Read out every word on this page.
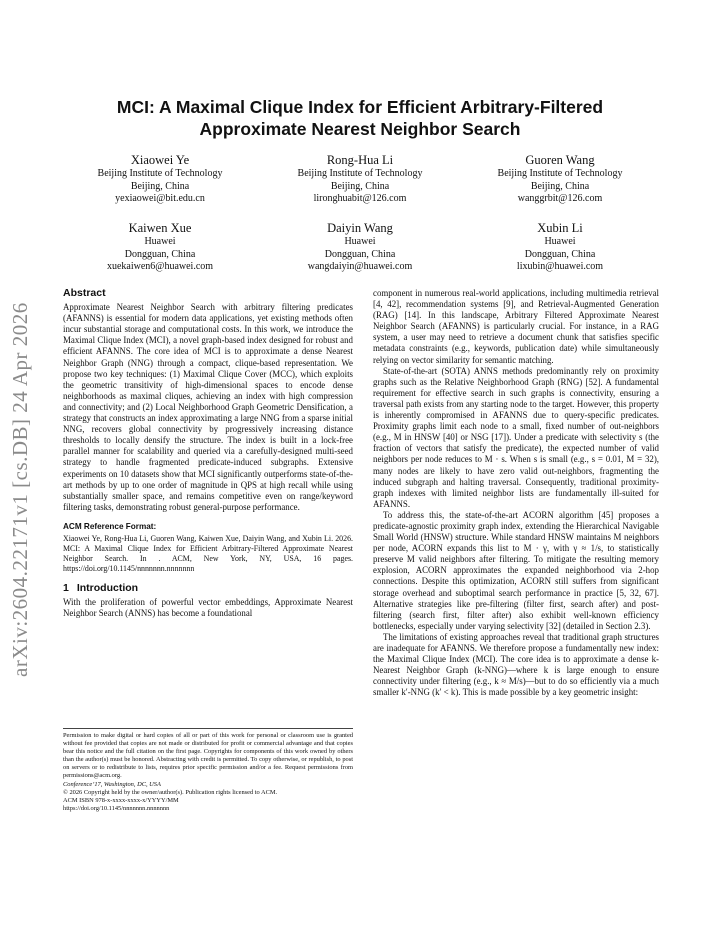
arXiv:2604.22171v1 [cs.DB] 24 Apr 2026
MCI: A Maximal Clique Index for Efficient Arbitrary-Filtered
Approximate Nearest Neighbor Search
Xiaowei Ye
Beijing Institute of Technology
Beijing, China
yexiaowei@bit.edu.cn
Rong-Hua Li
Beijing Institute of Technology
Beijing, China
lironghuabit@126.com
Guoren Wang
Beijing Institute of Technology
Beijing, China
wanggrbit@126.com
Kaiwen Xue
Huawei
Dongguan, China
xuekaiwen6@huawei.com
Daiyin Wang
Huawei
Dongguan, China
wangdaiyin@huawei.com
Xubin Li
Huawei
Dongguan, China
lixubin@huawei.com
Abstract

Approximate Nearest Neighbor Search with arbitrary filtering predicates (AFANNS) is essential for modern data applications, yet existing methods often incur substantial storage and computational costs. In this work, we introduce the Maximal Clique Index (MCI), a novel graph-based index designed for robust and efficient AFANNS. The core idea of MCI is to approximate a dense Nearest Neighbor Graph (NNG) through a compact, clique-based representation. We propose two key techniques: (1) Maximal Clique Cover (MCC), which exploits the geometric transitivity of high-dimensional spaces to encode dense neighborhoods as maximal cliques, achieving an index with high compression and connectivity; and (2) Local Neighborhood Graph Geometric Densification, a strategy that constructs an index approximating a large NNG from a sparse initial NNG, recovers global connectivity by progressively increasing distance thresholds to locally densify the structure. The index is built in a lock-free parallel manner for scalability and queried via a carefully-designed multi-seed strategy to handle fragmented predicate-induced subgraphs. Extensive experiments on 10 datasets show that MCI significantly outperforms state-of-the-art methods by up to one order of magnitude in QPS at high recall while using substantially smaller space, and remains competitive even on range/keyword filtering tasks, demonstrating robust general-purpose performance.

ACM Reference Format:

Xiaowei Ye, Rong-Hua Li, Guoren Wang, Kaiwen Xue, Daiyin Wang, and Xubin Li. 2026. MCI: A Maximal Clique Index for Efficient Arbitrary-Filtered Approximate Nearest Neighbor Search. In . ACM, New York, NY, USA, 16 pages. https://doi.org/10.1145/nnnnnnn.nnnnnnn

1 Introduction

With the proliferation of powerful vector embeddings, Approximate Nearest Neighbor Search (ANNS) has become a foundational

Permission to make digital or hard copies of all or part of this work for personal or classroom use is granted without fee provided that copies are not made or distributed for profit or commercial advantage and that copies bear this notice and the full citation on the first page. Copyrights for components of this work owned by others than the author(s) must be honored. Abstracting with credit is permitted. To copy otherwise, or republish, to post on servers or to redistribute to lists, requires prior specific permission and/or a fee. Request permissions from permissions@acm.org.

Conference’17, Washington, DC, USA

© 2026 Copyright held by the owner/author(s). Publication rights licensed to ACM.

ACM ISBN 978-x-xxxx-xxxx-x/YYYY/MM

https://doi.org/10.1145/nnnnnnn.nnnnnnn

component in numerous real-world applications, including multimedia retrieval [4, 42], recommendation systems [9], and Retrieval-Augmented Generation (RAG) [14]. In this landscape, Arbitrary Filtered Approximate Nearest Neighbor Search (AFANNS) is particularly crucial. For instance, in a RAG system, a user may need to retrieve a document chunk that satisfies specific metadata constraints (e.g., keywords, publication date) while simultaneously relying on vector similarity for semantic matching.

State-of-the-art (SOTA) ANNS methods predominantly rely on proximity graphs such as the Relative Neighborhood Graph (RNG) [52]. A fundamental requirement for effective search in such graphs is connectivity, ensuring a traversal path exists from any starting node to the target. However, this property is inherently compromised in AFANNS due to query-specific predicates. Proximity graphs limit each node to a small, fixed number of out-neighbors (e.g., M in HNSW [40] or NSG [17]). Under a predicate with selectivity s (the fraction of vectors that satisfy the predicate), the expected number of valid neighbors per node reduces to M · s. When s is small (e.g., s = 0.01, M = 32), many nodes are likely to have zero valid out-neighbors, fragmenting the induced subgraph and halting traversal. Consequently, traditional proximity-graph indexes with limited neighbor lists are fundamentally ill-suited for AFANNS.

To address this, the state-of-the-art ACORN algorithm [45] proposes a predicate-agnostic proximity graph index, extending the Hierarchical Navigable Small World (HNSW) structure. While standard HNSW maintains M neighbors per node, ACORN expands this list to M · γ, with γ ≈ 1/s, to statistically preserve M valid neighbors after filtering. To mitigate the resulting memory explosion, ACORN approximates the expanded neighborhood via 2-hop connections. Despite this optimization, ACORN still suffers from significant storage overhead and suboptimal search performance in practice [5, 32, 67]. Alternative strategies like pre-filtering (filter first, search after) and post-filtering (search first, filter after) also exhibit well-known efficiency bottlenecks, especially under varying selectivity [32] (detailed in Section 2.3).

The limitations of existing approaches reveal that traditional graph structures are inadequate for AFANNS. We therefore propose a fundamentally new index: the Maximal Clique Index (MCI). The core idea is to approximate a dense k-Nearest Neighbor Graph (k-NNG)—where k is large enough to ensure connectivity under filtering (e.g., k ≈ M/s)—but to do so efficiently via a much smaller k′-NNG (k′ < k). This is made possible by a key geometric insight:
